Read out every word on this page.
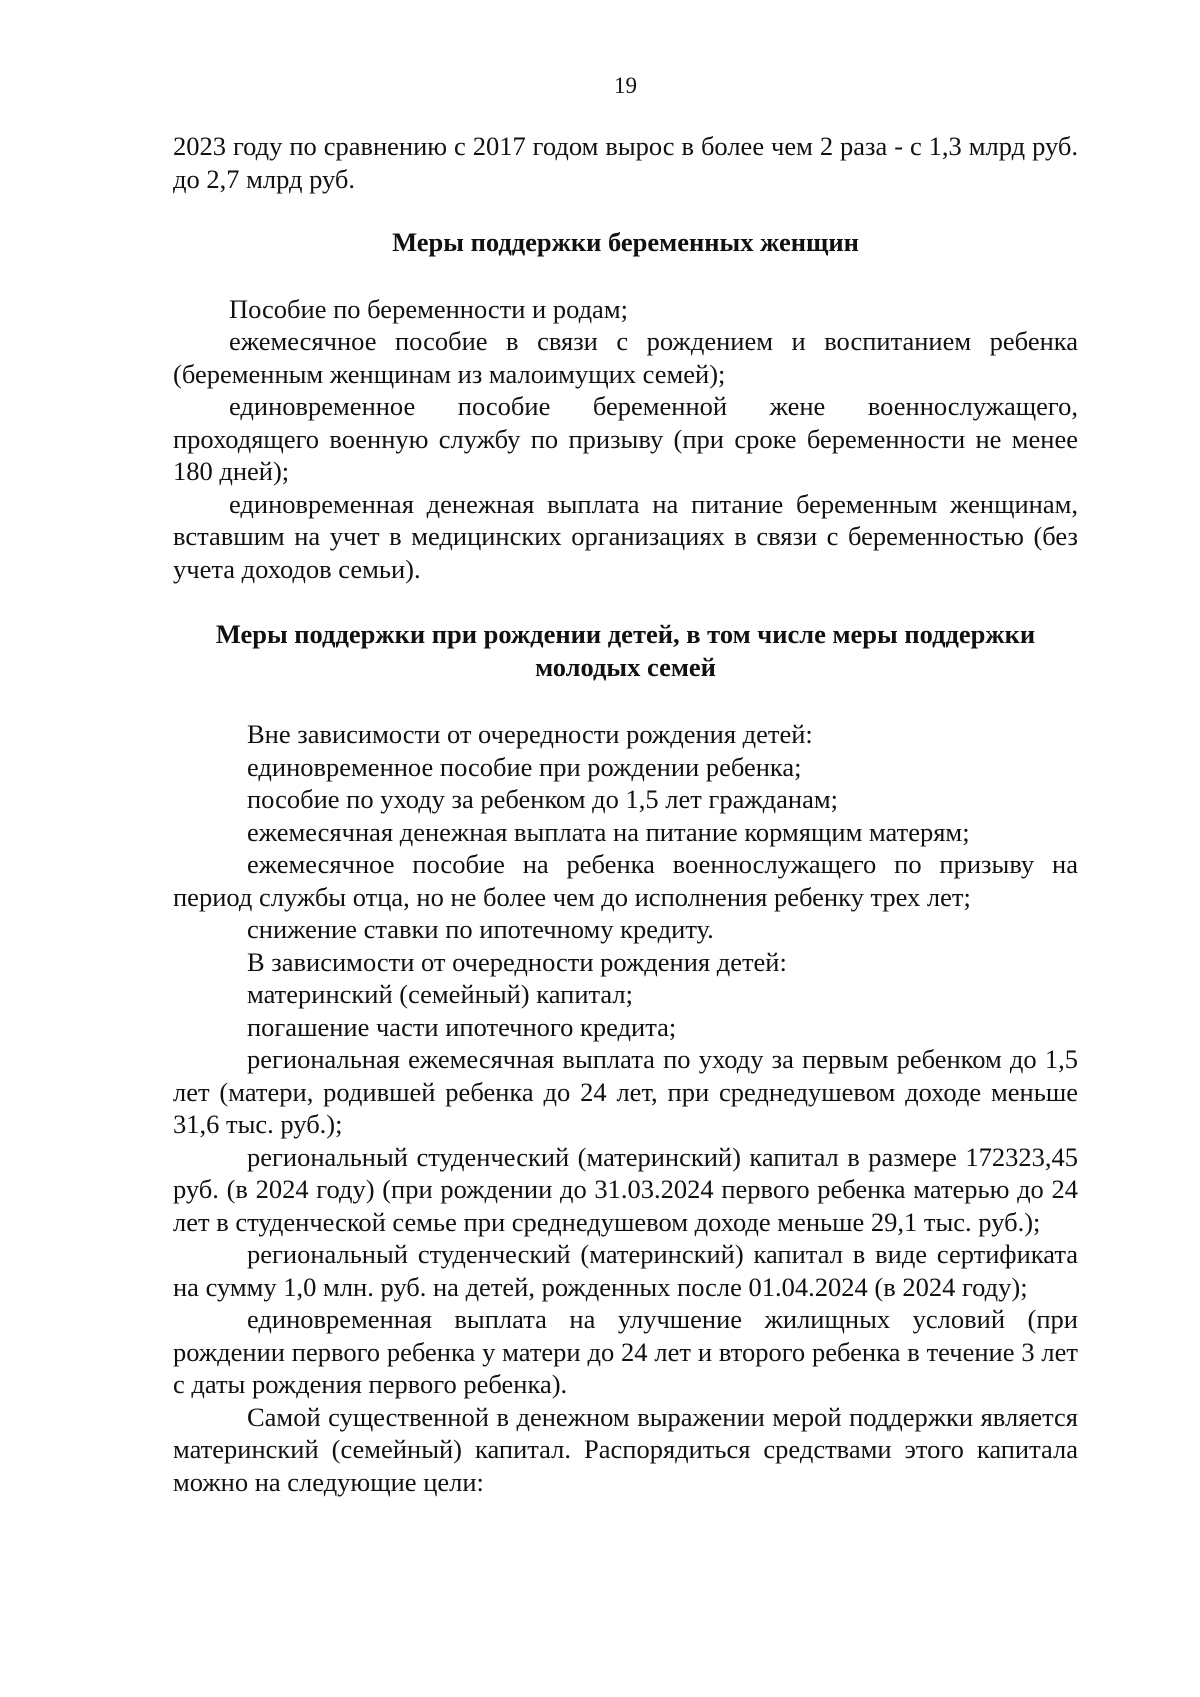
19

2023 году по сравнению с 2017 годом вырос в более чем 2 раза - с 1,3 млрд руб. до 2,7 млрд руб.

Меры поддержки беременных женщин

Пособие по беременности и родам;

ежемесячное пособие в связи с рождением и воспитанием ребенка (беременным женщинам из малоимущих семей);

единовременное пособие беременной жене военнослужащего, проходящего военную службу по призыву (при сроке беременности не менее 180 дней);

единовременная денежная выплата на питание беременным женщинам, вставшим на учет в медицинских организациях в связи с беременностью (без учета доходов семьи).

Меры поддержки при рождении детей, в том числе меры поддержки
молодых семей

Вне зависимости от очередности рождения детей:

единовременное пособие при рождении ребенка;

пособие по уходу за ребенком до 1,5 лет гражданам;

ежемесячная денежная выплата на питание кормящим матерям;

ежемесячное пособие на ребенка военнослужащего по призыву на период службы отца, но не более чем до исполнения ребенку трех лет;

снижение ставки по ипотечному кредиту.

В зависимости от очередности рождения детей:

материнский (семейный) капитал;

погашение части ипотечного кредита;

региональная ежемесячная выплата по уходу за первым ребенком до 1,5 лет (матери, родившей ребенка до 24 лет, при среднедушевом доходе меньше 31,6 тыс. руб.);

региональный студенческий (материнский) капитал в размере 172323,45 руб. (в 2024 году) (при рождении до 31.03.2024 первого ребенка матерью до 24 лет в студенческой семье при среднедушевом доходе меньше 29,1 тыс. руб.);

региональный студенческий (материнский) капитал в виде сертификата на сумму 1,0 млн. руб. на детей, рожденных после 01.04.2024 (в 2024 году);

единовременная выплата на улучшение жилищных условий (при рождении первого ребенка у матери до 24 лет и второго ребенка в течение 3 лет с даты рождения первого ребенка).

Самой существенной в денежном выражении мерой поддержки является материнский (семейный) капитал. Распорядиться средствами этого капитала можно на следующие цели:
